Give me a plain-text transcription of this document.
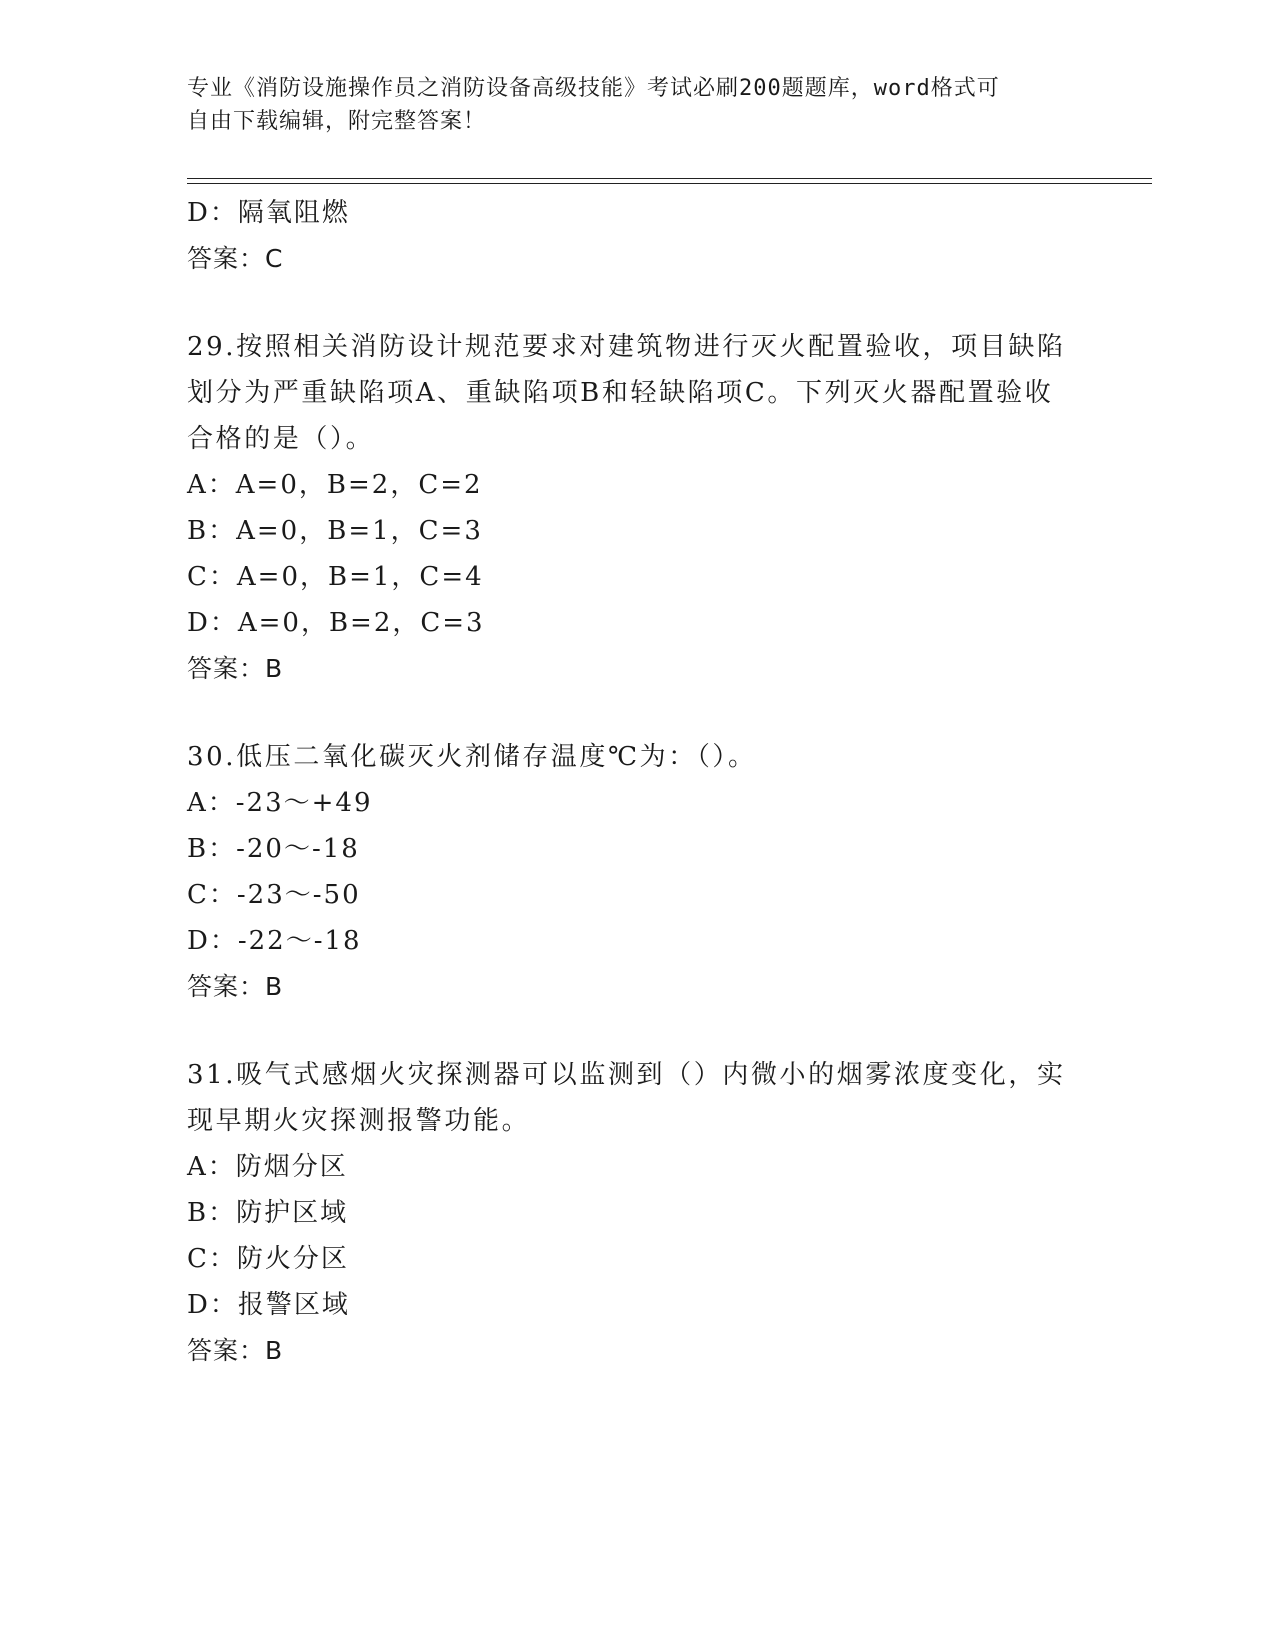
专业《消防设施操作员之消防设备高级技能》考试必刷200题题库，word格式可
自由下载编辑，附完整答案！
D：隔氧阻燃
答案：C
29.按照相关消防设计规范要求对建筑物进行灭火配置验收，项目缺陷
划分为严重缺陷项A、重缺陷项B和轻缺陷项C。下列灭火器配置验收
合格的是（）。
A：A=0，B=2，C=2
B：A=0，B=1，C=3
C：A=0，B=1，C=4
D：A=0，B=2，C=3
答案：B
30.低压二氧化碳灭火剂储存温度℃为：（）。
A：-23～+49
B：-20～-18
C：-23～-50
D：-22～-18
答案：B
31.吸气式感烟火灾探测器可以监测到（）内微小的烟雾浓度变化，实
现早期火灾探测报警功能。
A：防烟分区
B：防护区域
C：防火分区
D：报警区域
答案：B
